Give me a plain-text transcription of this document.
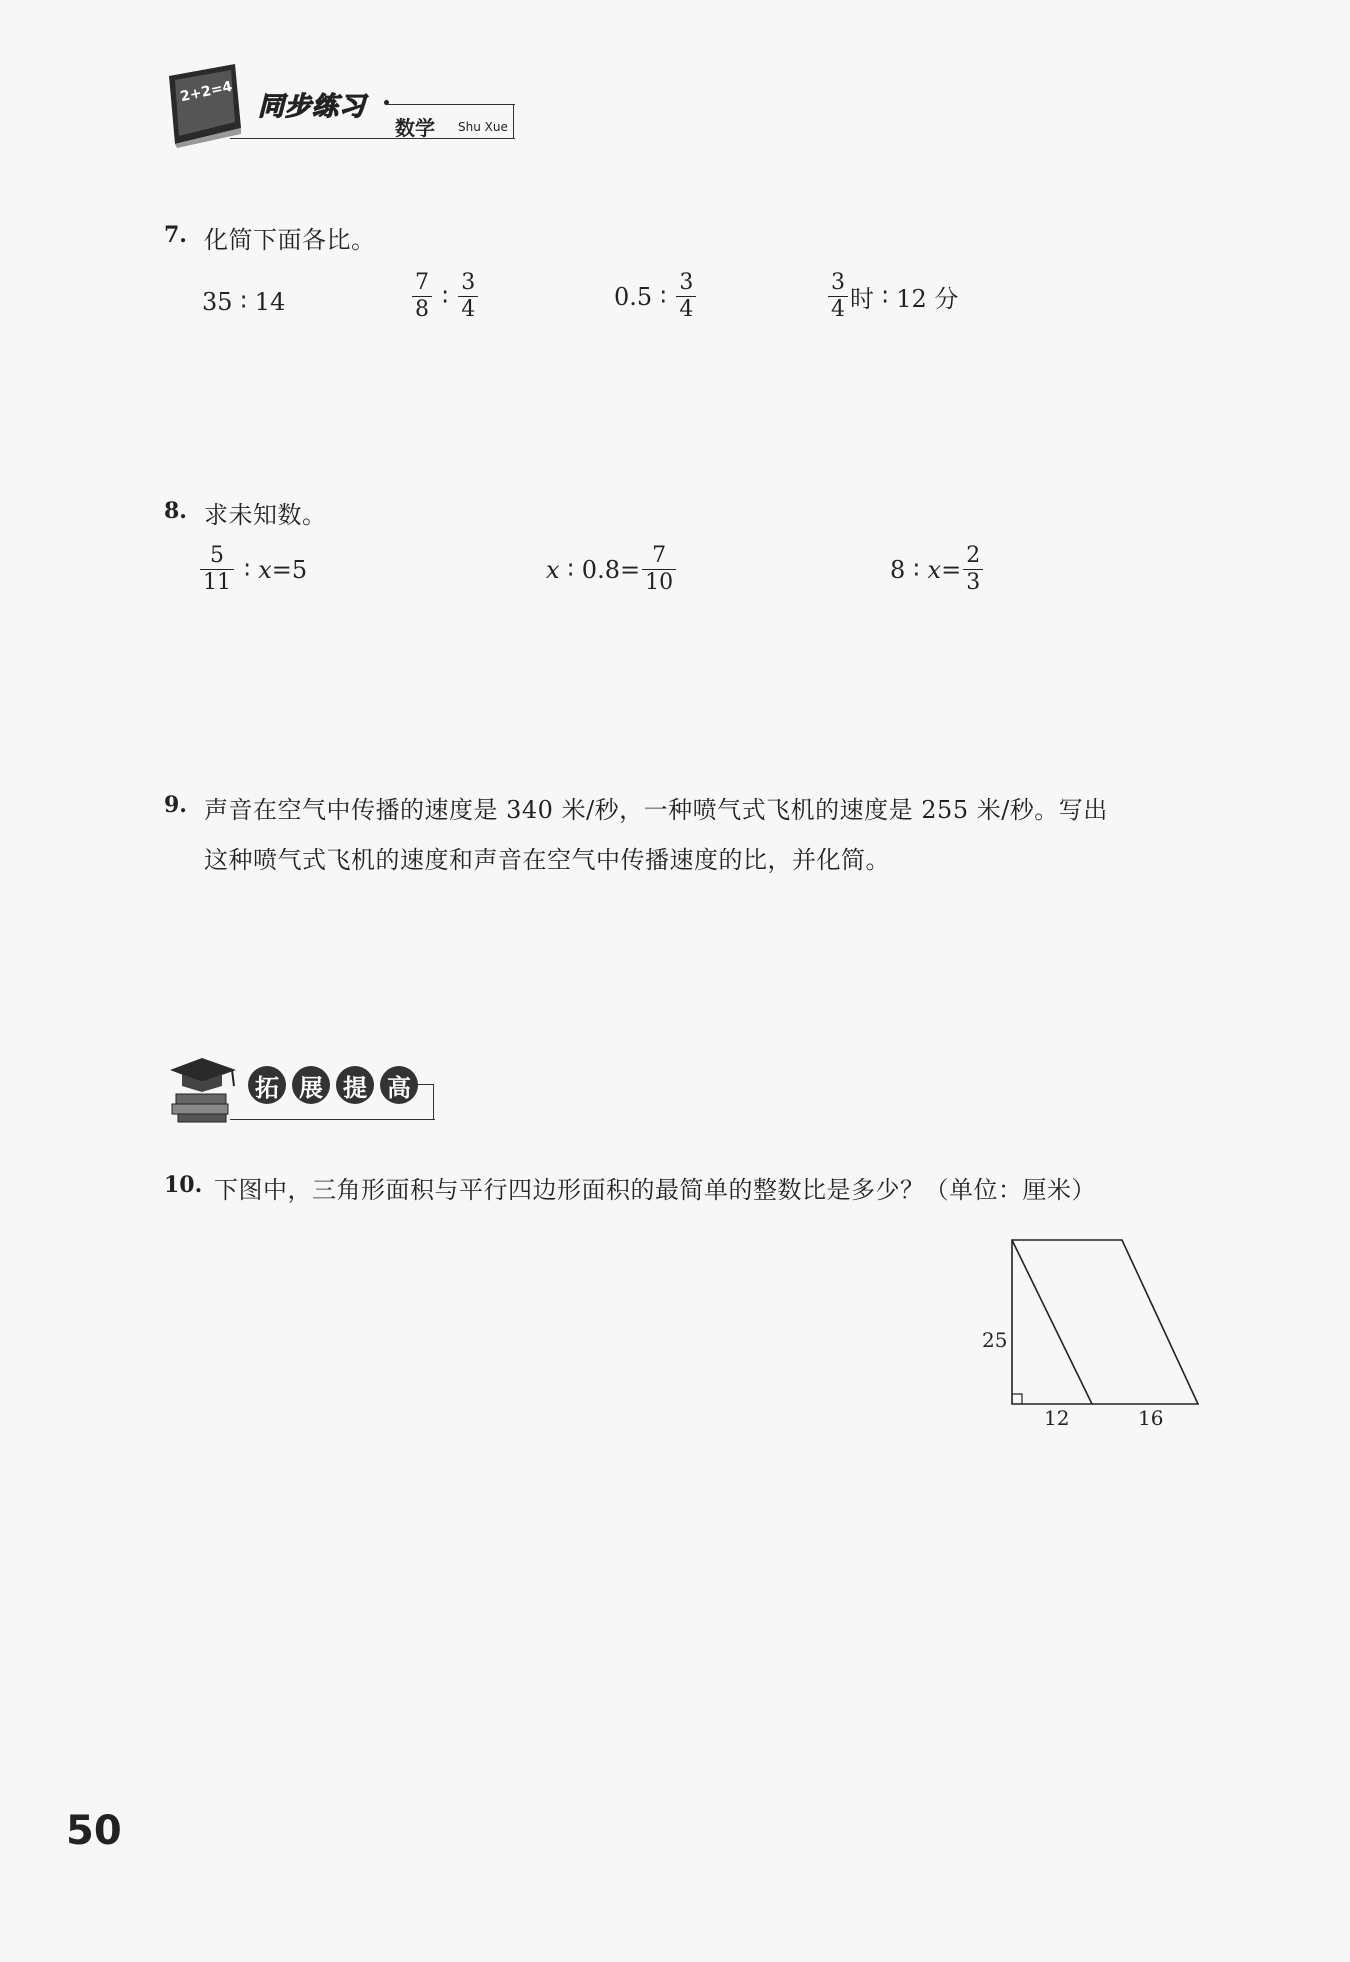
2+2=4 同步练习
数学 Shu Xue
7. 化简下面各比。
35 ∶ 14	$\frac{7}{8}$ ∶ $\frac{3}{4}$	0.5 ∶ $\frac{3}{4}$	$\frac{3}{4}$ 时 ∶ 12 分
8. 求未知数。
$\frac{5}{11}$ ∶ x = 5	x ∶ $0.8 = \frac{7}{10}$	8 ∶ $x = \frac{2}{3}$
9. 声音在空气中传播的速度是 340 米/秒，一种喷气式飞机的速度是 255 米/秒。写出
这种喷气式飞机的速度和声音在空气中传播速度的比，并化简。
拓 展 提 高
10. 下图中，三角形面积与平行四边形面积的最简单的整数比是多少？（单位：厘米）
25
12	16
50
